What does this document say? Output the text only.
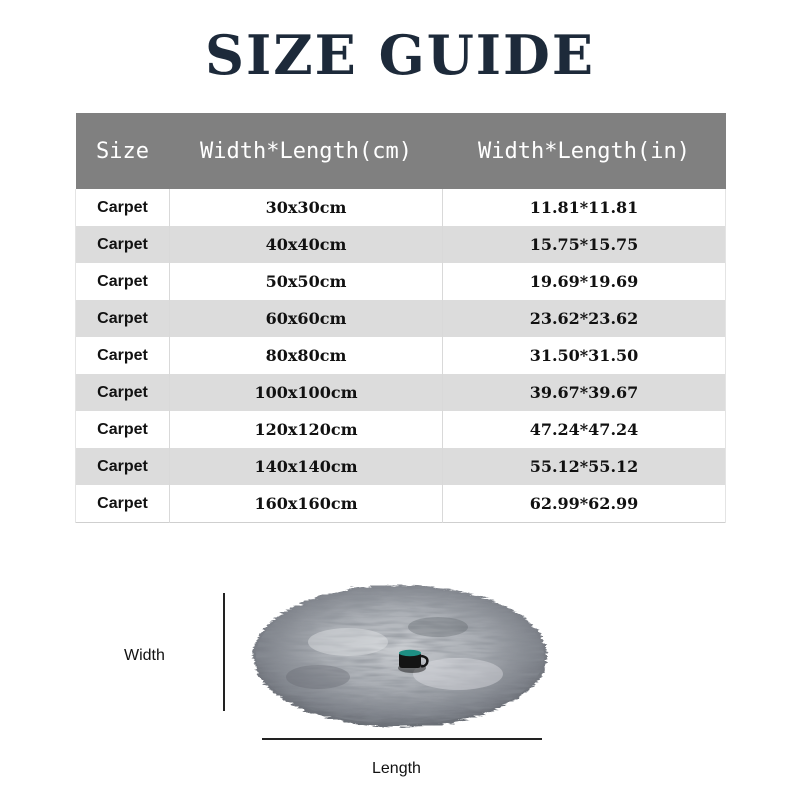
SIZE GUIDE
Size	Width*Length(cm)	Width*Length(in)
Carpet	30x30cm	11.81*11.81
Carpet	40x40cm	15.75*15.75
Carpet	50x50cm	19.69*19.69
Carpet	60x60cm	23.62*23.62
Carpet	80x80cm	31.50*31.50
Carpet	100x100cm	39.67*39.67
Carpet	120x120cm	47.24*47.24
Carpet	140x140cm	55.12*55.12
Carpet	160x160cm	62.99*62.99
Width
Length
